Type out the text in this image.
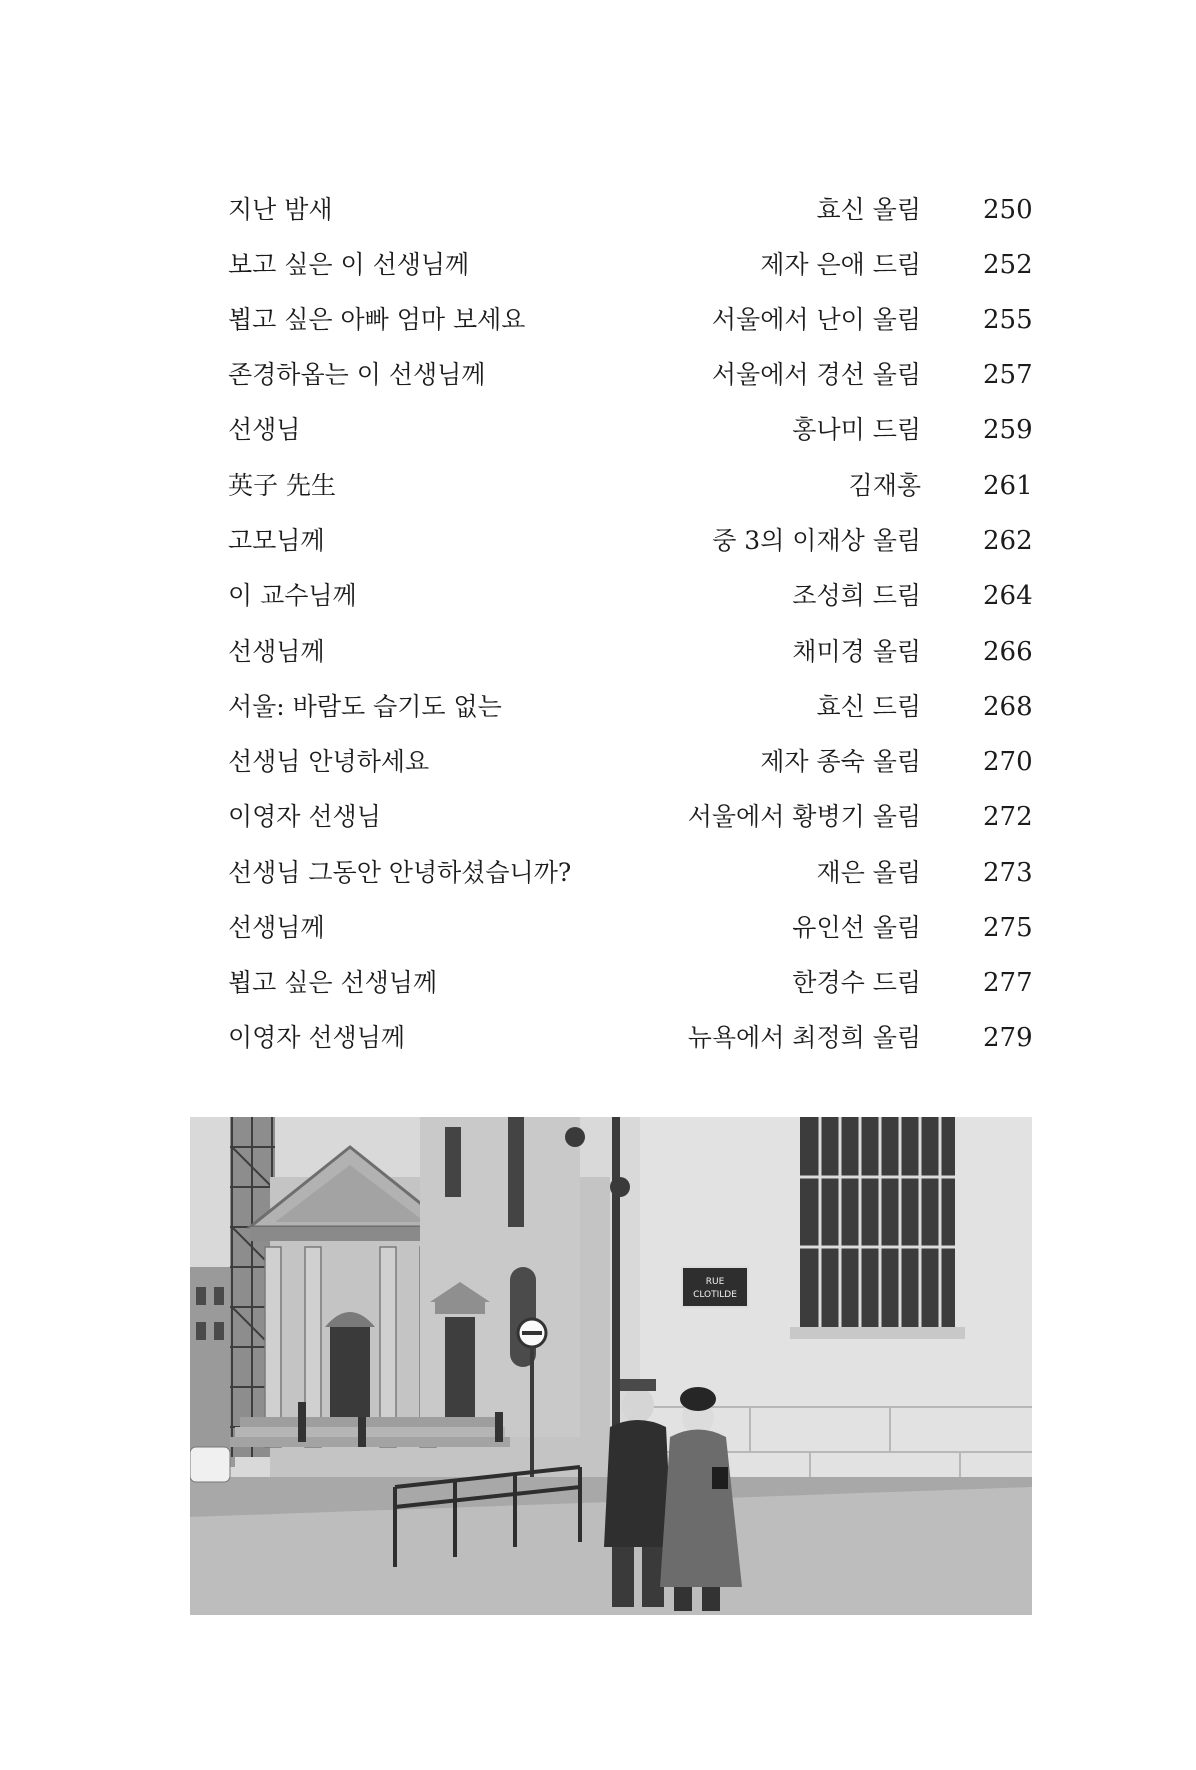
지난 밤새	효신 올림 250
보고 싶은 이 선생님께	제자 은애 드림 252
뵙고 싶은 아빠 엄마 보세요	서울에서 난이 올림 255
존경하옵는 이 선생님께	서울에서 경선 올림 257
선생님	홍나미 드림 259
英子 先生	김재홍 261
고모님께	중 3의 이재상 올림 262
이 교수님께	조성희 드림 264
선생님께	채미경 올림 266
서울: 바람도 습기도 없는	효신 드림 268
선생님 안녕하세요	제자 종숙 올림 270
이영자 선생님	서울에서 황병기 올림 272
선생님 그동안 안녕하셨습니까?	재은 올림 273
선생님께	유인선 올림 275
뵙고 싶은 선생님께	한경수 드림 277
이영자 선생님께	뉴욕에서 최정희 올림 279
RUE
CLOTILDE
